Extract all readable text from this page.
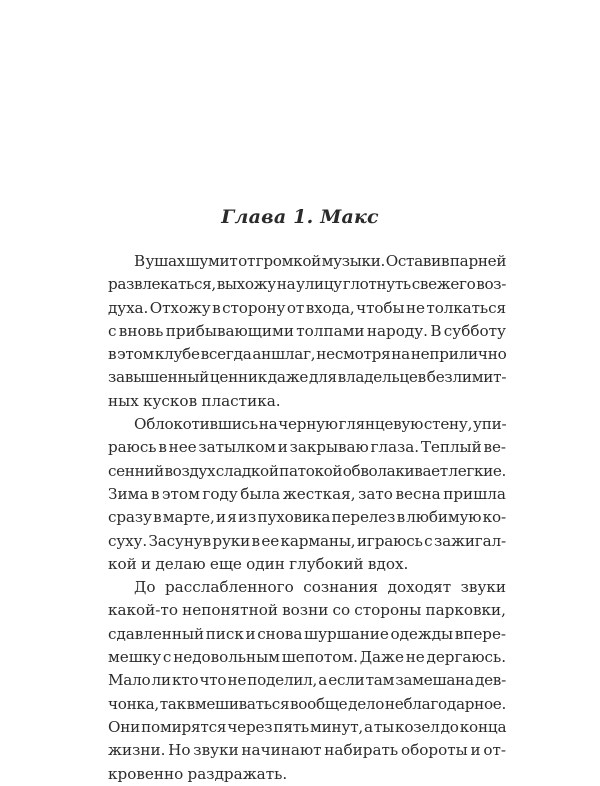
Глава 1. Макс
В ушах шумит от громкой музыки. Оставив парней
развлекаться, выхожу на улицу глотнуть свежего воз-
духа. Отхожу в сторону от входа, чтобы не толкаться
с вновь прибывающими толпами народу. В субботу
в этом клубе всегда аншлаг, несмотря на неприлично
завышенный ценник даже для владельцев безлимит-
ных кусков пластика.
Облокотившись на черную глянцевую стену, упи-
раюсь в нее затылком и закрываю глаза. Теплый ве-
сенний воздух сладкой патокой обволакивает легкие.
Зима в этом году была жесткая, зато весна пришла
сразу в марте, и я из пуховика перелез в любимую ко-
суху. Засунув руки в ее карманы, играюсь с зажигал-
кой и делаю еще один глубокий вдох.
До расслабленного сознания доходят звуки
какой-то непонятной возни со стороны парковки,
сдавленный писк и снова шуршание одежды впере-
мешку с недовольным шепотом. Даже не дергаюсь.
Мало ли кто что не поделил, а если там замешана дев-
чонка, так вмешиваться вообще дело неблагодарное.
Они помирятся через пять минут, а ты козел до конца
жизни. Но звуки начинают набирать обороты и от-
кровенно раздражать.
